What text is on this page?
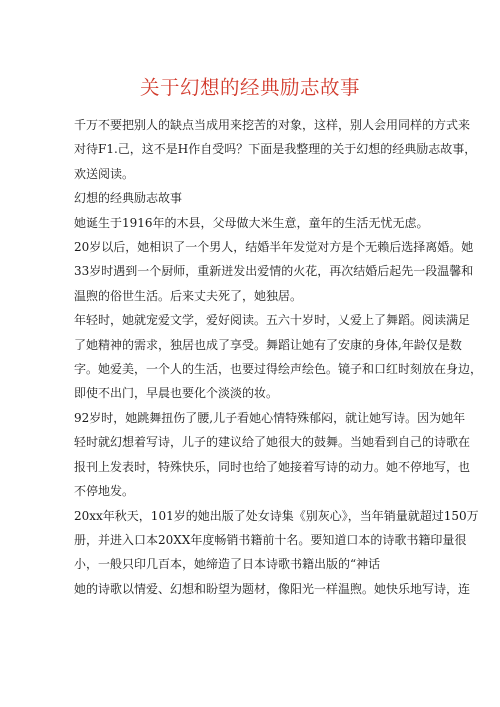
关于幻想的经典励志故事

千万不要把别人的缺点当成用来挖苦的对象，这样，别人会用同样的方式来
对待F1.己，这不是H作自受吗？下面是我整理的关于幻想的经典励志故事，
欢送阅读。

幻想的经典励志故事

她诞生于1916年的木县，父母做大米生意，童年的生活无忧无虑。

20岁以后，她相识了一个男人，结婚半年发觉对方是个无赖后选择离婚。她
33岁时遇到一个厨师，重新迸发出爱情的火花，再次结婚后起先一段温馨和
温煦的俗世生活。后来丈夫死了，她独居。

年轻时，她就宠爱文学，爱好阅读。五六十岁时，乂爱上了舞蹈。阅读满足
了她精神的需求，独居也成了享受。舞蹈让她有了安康的身体,年龄仅是数
字。她爱美，一个人的生活，也要过得绘声绘色。镜子和口红时刻放在身边，
即使不出门，早晨也要化个淡淡的妆。

92岁时，她跳舞扭伤了腰,儿子看她心情特殊郁闷，就让她写诗。因为她年
轻时就幻想着写诗，儿子的建议给了她很大的鼓舞。当她看到自己的诗歌在
报刊上发表时，特殊快乐，同时也给了她接着写诗的动力。她不停地写，也
不停地发。

20xx年秋天，101岁的她出版了处女诗集《别灰心》，当年销量就超过150万
册，并进入口本20XX年度畅销书籍前十名。要知道口本的诗歌书籍印量很
小，一般只印几百本，她缔造了日本诗歌书籍出版的“神话
她的诗歌以情爱、幻想和盼望为题材，像阳光一样温煦。她快乐地写诗，连
